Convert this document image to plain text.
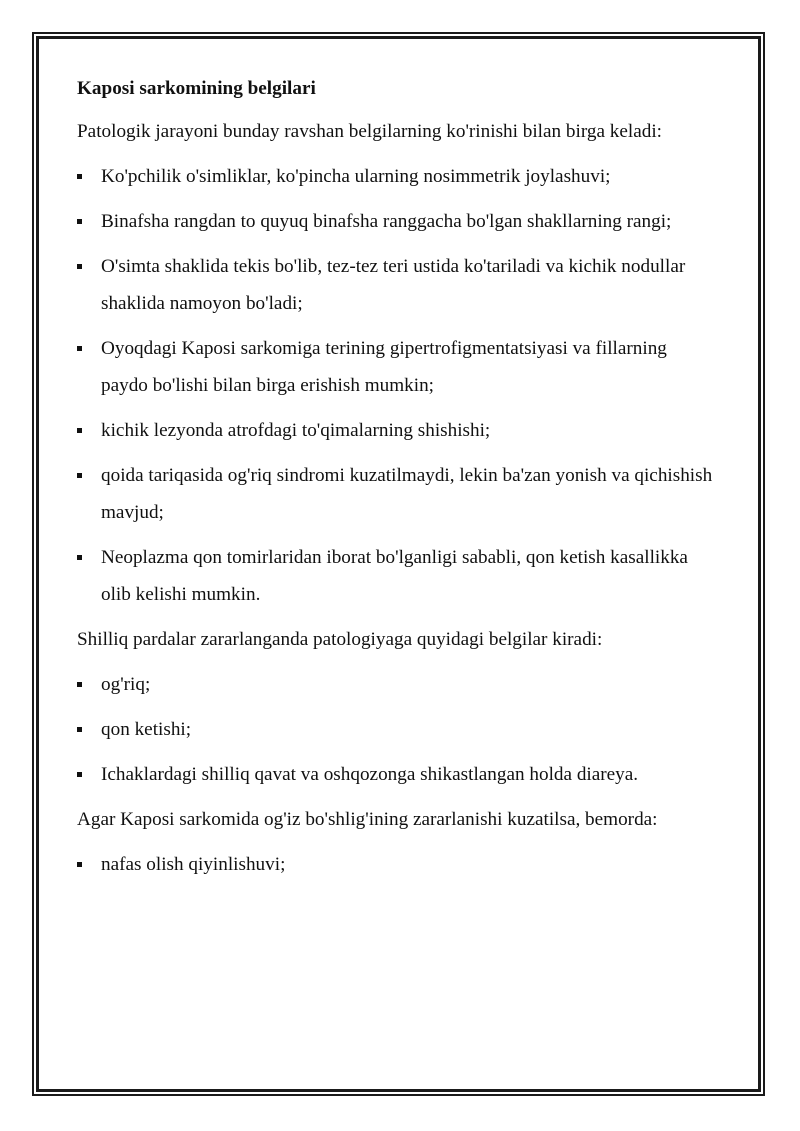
Kaposi sarkomining belgilari
Patologik jarayoni bunday ravshan belgilarning ko'rinishi bilan birga keladi:
Ko'pchilik o'simliklar, ko'pincha ularning nosimmetrik joylashuvi;
Binafsha rangdan to quyuq binafsha ranggacha bo'lgan shakllarning rangi;
O'simta shaklida tekis bo'lib, tez-tez teri ustida ko'tariladi va kichik nodullar shaklida namoyon bo'ladi;
Oyoqdagi Kaposi sarkomiga terining gipertrofigmentatsiyasi va fillarning paydo bo'lishi bilan birga erishish mumkin;
kichik lezyonda atrofdagi to'qimalarning shishishi;
qoida tariqasida og'riq sindromi kuzatilmaydi, lekin ba'zan yonish va qichishish mavjud;
Neoplazma qon tomirlaridan iborat bo'lganligi sababli, qon ketish kasallikka olib kelishi mumkin.
Shilliq pardalar zararlanganda patologiyaga quyidagi belgilar kiradi:
og'riq;
qon ketishi;
Ichaklardagi shilliq qavat va oshqozonga shikastlangan holda diareya.
Agar Kaposi sarkomida og'iz bo'shlig'ining zararlanishi kuzatilsa, bemorda:
nafas olish qiyinlishuvi;
